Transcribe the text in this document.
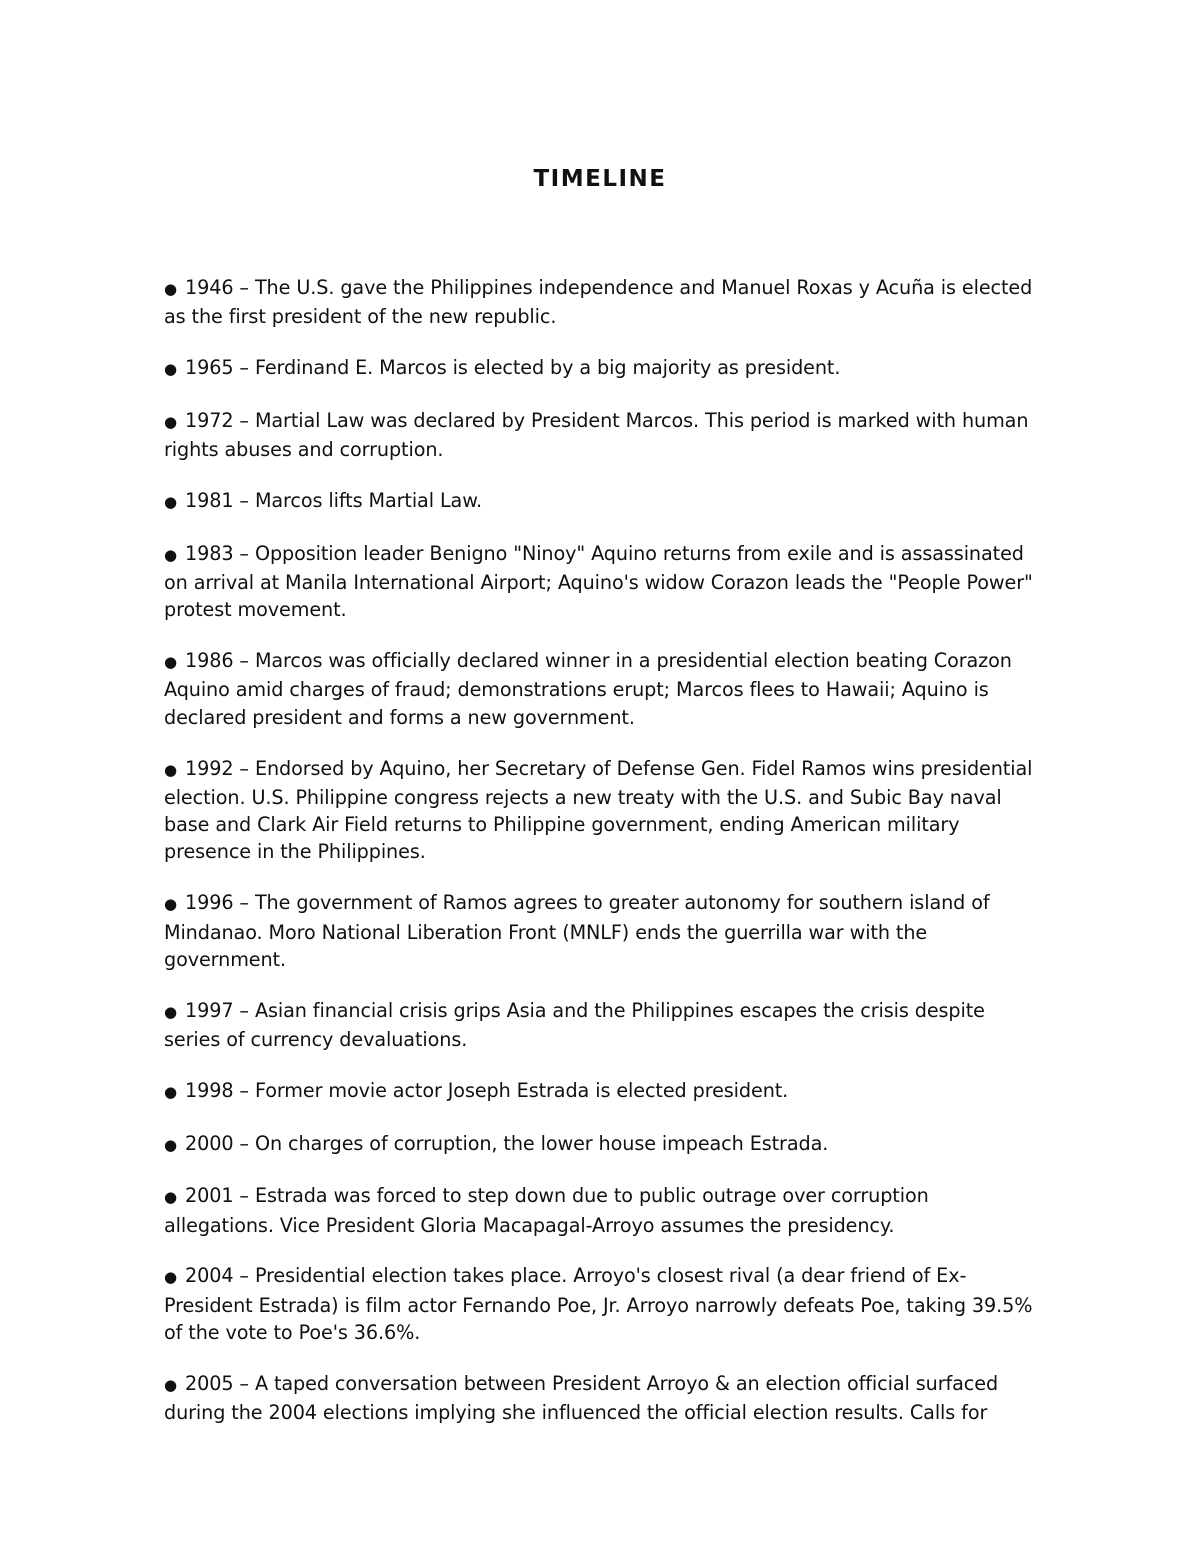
TIMELINE
● 1946 – The U.S. gave the Philippines independence and Manuel Roxas y Acuña is elected as the first president of the new republic.
● 1965 – Ferdinand E. Marcos is elected by a big majority as president.
● 1972 – Martial Law was declared by President Marcos. This period is marked with human rights abuses and corruption.
● 1981 – Marcos lifts Martial Law.
● 1983 – Opposition leader Benigno "Ninoy" Aquino returns from exile and is assassinated on arrival at Manila International Airport; Aquino's widow Corazon leads the "People Power" protest movement.
● 1986 – Marcos was officially declared winner in a presidential election beating Corazon Aquino amid charges of fraud; demonstrations erupt; Marcos flees to Hawaii; Aquino is declared president and forms a new government.
● 1992 – Endorsed by Aquino, her Secretary of Defense Gen. Fidel Ramos wins presidential election. U.S. Philippine congress rejects a new treaty with the U.S. and Subic Bay naval base and Clark Air Field returns to Philippine government, ending American military presence in the Philippines.
● 1996 – The government of Ramos agrees to greater autonomy for southern island of Mindanao. Moro National Liberation Front (MNLF) ends the guerrilla war with the government.
● 1997 – Asian financial crisis grips Asia and the Philippines escapes the crisis despite series of currency devaluations.
● 1998 – Former movie actor Joseph Estrada is elected president.
● 2000 – On charges of corruption, the lower house impeach Estrada.
● 2001 – Estrada was forced to step down due to public outrage over corruption allegations. Vice President Gloria Macapagal-Arroyo assumes the presidency.
● 2004 – Presidential election takes place. Arroyo's closest rival (a dear friend of Ex-President Estrada) is film actor Fernando Poe, Jr. Arroyo narrowly defeats Poe, taking 39.5% of the vote to Poe's 36.6%.
● 2005 – A taped conversation between President Arroyo & an election official surfaced during the 2004 elections implying she influenced the official election results. Calls for
